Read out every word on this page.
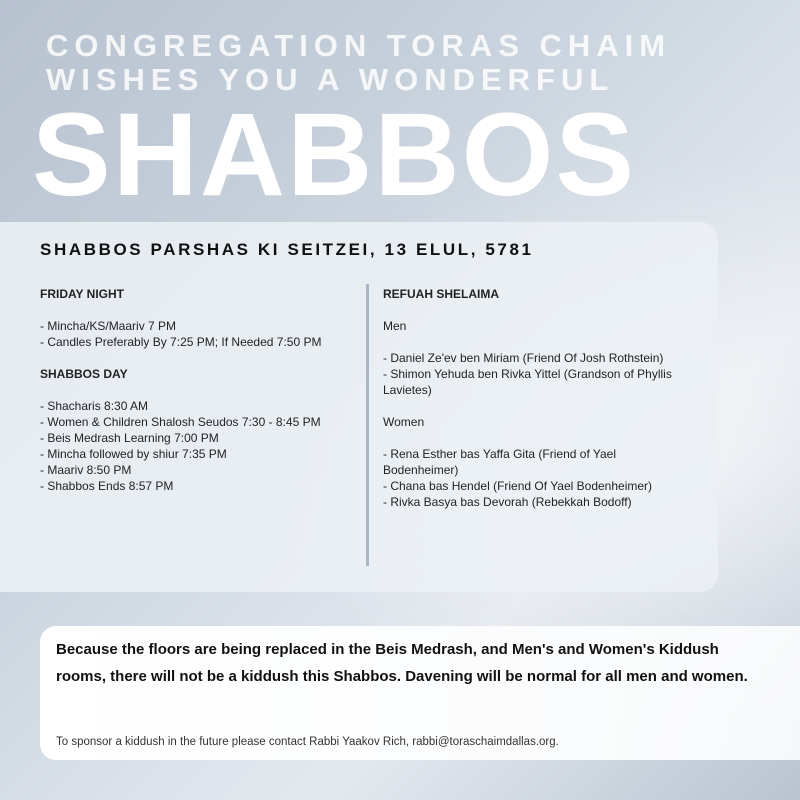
CONGREGATION TORAS CHAIM
WISHES YOU A WONDERFUL
SHABBOS
SHABBOS PARSHAS KI SEITZEI, 13 ELUL, 5781
FRIDAY NIGHT
- Mincha/KS/Maariv 7 PM
- Candles Preferably By 7:25 PM; If Needed 7:50 PM
SHABBOS DAY
- Shacharis 8:30 AM
- Women & Children Shalosh Seudos 7:30 - 8:45 PM
- Beis Medrash Learning 7:00 PM
- Mincha followed by shiur 7:35 PM
- Maariv 8:50 PM
- Shabbos Ends 8:57 PM
REFUAH SHELAIMA
Men
- Daniel Ze'ev ben Miriam (Friend Of Josh Rothstein)
- Shimon Yehuda ben Rivka Yittel (Grandson of Phyllis Lavietes)
Women
- Rena Esther bas Yaffa Gita (Friend of Yael Bodenheimer)
- Chana bas Hendel (Friend Of Yael Bodenheimer)
- Rivka Basya bas Devorah (Rebekkah Bodoff)
Because the floors are being replaced in the Beis Medrash, and Men's and Women's Kiddush rooms, there will not be a kiddush this Shabbos. Davening will be normal for all men and women.
To sponsor a kiddush in the future please contact Rabbi Yaakov Rich, rabbi@toraschaimdallas.org.
